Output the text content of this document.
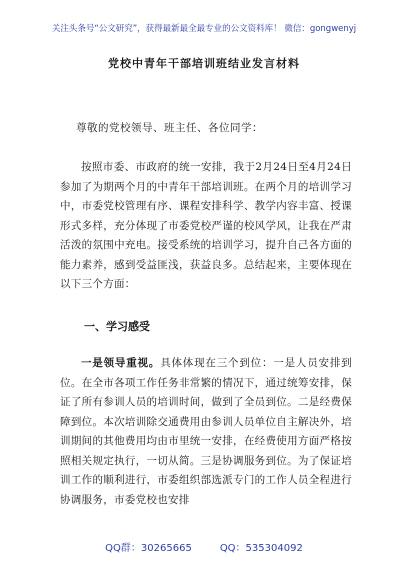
关注头条号“公文研究”，获得最新最全最专业的公文资料库！ 微信：gongwenyj
党校中青年干部培训班结业发言材料
尊敬的党校领导、班主任、各位同学：
按照市委、市政府的统一安排，我于2月24日至4月24日参加了为期两个月的中青年干部培训班。在两个月的培训学习中，市委党校管理有序、课程安排科学、教学内容丰富、授课形式多样，充分体现了市委党校严谨的校风学风，让我在严肃活泼的氛围中充电。接受系统的培训学习，提升自己各方面的能力素养，感到受益匪浅，获益良多。总结起来，主要体现在以下三个方面：
一、学习感受
一是领导重视。具体体现在三个到位：一是人员安排到位。在全市各项工作任务非常繁的情况下，通过统筹安排，保证了所有参训人员的培训时间，做到了全员到位。二是经费保障到位。本次培训除交通费用由参训人员单位自主解决外，培训期间的其他费用均由市里统一安排，在经费使用方面严格按照相关规定执行，一切从简。三是协调服务到位。为了保证培训工作的顺利进行，市委组织部选派专门的工作人员全程进行协调服务，市委党校也安排
QQ群：30265665	QQ：535304092
